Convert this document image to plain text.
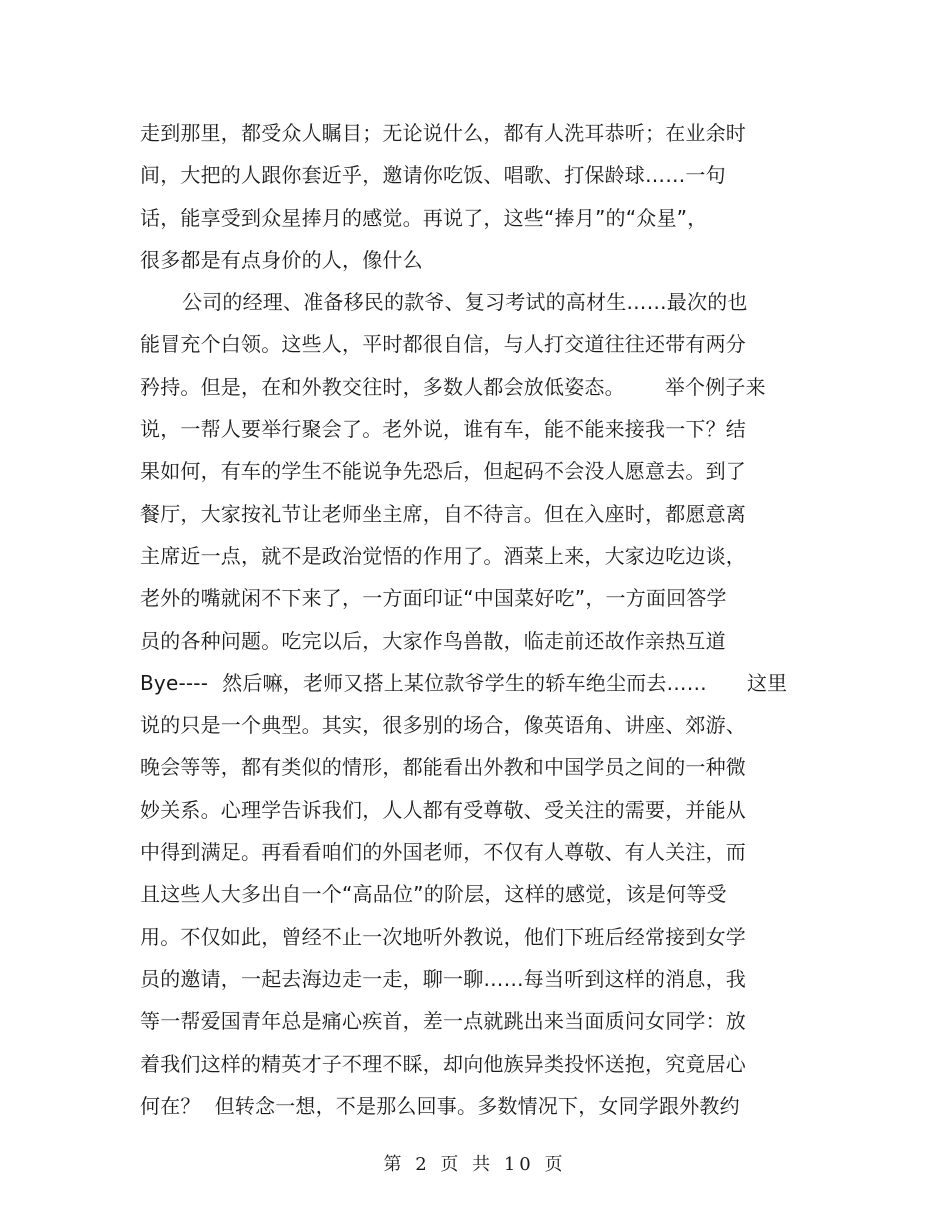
走到那里，都受众人瞩目；无论说什么，都有人洗耳恭听；在业余时
间，大把的人跟你套近乎，邀请你吃饭、唱歌、打保龄球……一句
话，能享受到众星捧月的感觉。再说了，这些“捧月”的“众星”，
很多都是有点身价的人，像什么
公司的经理、准备移民的款爷、复习考试的高材生……最次的也
能冒充个白领。这些人，平时都很自信，与人打交道往往还带有两分
矜持。但是，在和外教交往时，多数人都会放低姿态。 举个例子来
说，一帮人要举行聚会了。老外说，谁有车，能不能来接我一下？结
果如何，有车的学生不能说争先恐后，但起码不会没人愿意去。到了
餐厅，大家按礼节让老师坐主席，自不待言。但在入座时，都愿意离
主席近一点，就不是政治觉悟的作用了。酒菜上来，大家边吃边谈，
老外的嘴就闲不下来了，一方面印证“中国菜好吃”，一方面回答学
员的各种问题。吃完以后，大家作鸟兽散，临走前还故作亲热互道
Bye---- 然后嘛，老师又搭上某位款爷学生的轿车绝尘而去…… 这里
说的只是一个典型。其实，很多别的场合，像英语角、讲座、郊游、
晚会等等，都有类似的情形，都能看出外教和中国学员之间的一种微
妙关系。心理学告诉我们，人人都有受尊敬、受关注的需要，并能从
中得到满足。再看看咱们的外国老师，不仅有人尊敬、有人关注，而
且这些人大多出自一个“高品位”的阶层，这样的感觉，该是何等受
用。不仅如此，曾经不止一次地听外教说，他们下班后经常接到女学
员的邀请，一起去海边走一走，聊一聊……每当听到这样的消息，我
等一帮爱国青年总是痛心疾首，差一点就跳出来当面质问女同学：放
着我们这样的精英才子不理不睬，却向他族异类投怀送抱，究竟居心
何在？ 但转念一想，不是那么回事。多数情况下，女同学跟外教约
第 2 页 共 10 页
